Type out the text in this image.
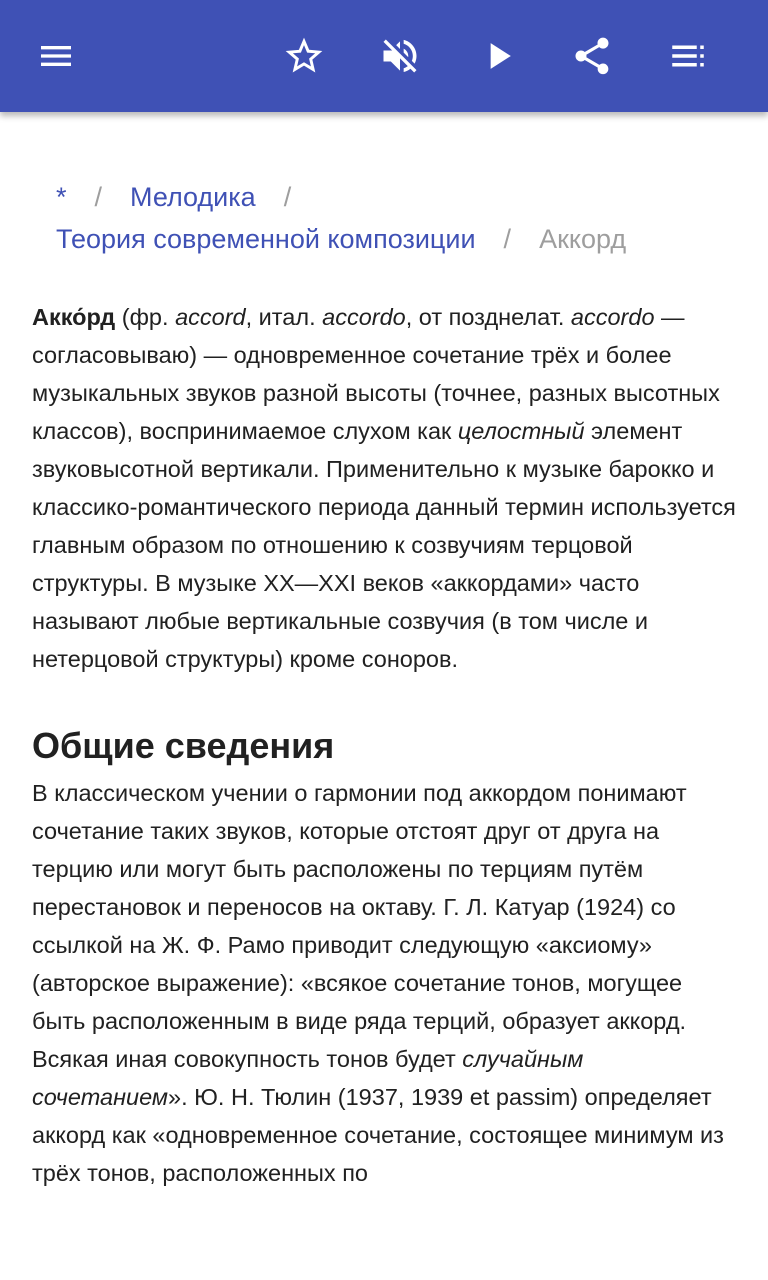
* / Мелодика /
Теория современной композиции / Аккорд

Акко́рд (фр. accord, итал. accordo, от позднелат. accordo — согласовываю) — одновременное сочетание трёх и более музыкальных звуков разной высоты (точнее, разных высотных классов), воспринимаемое слухом как целостный элемент звуковысотной вертикали. Применительно к музыке барокко и классико-романтического периода данный термин используется главным образом по отношению к созвучиям терцовой структуры. В музыке XX—XXI веков «аккордами» часто называют любые вертикальные созвучия (в том числе и нетерцовой структуры) кроме соноров.

Общие сведения

В классическом учении о гармонии под аккордом понимают сочетание таких звуков, которые отстоят друг от друга на терцию или могут быть расположены по терциям путём перестановок и переносов на октаву. Г. Л. Катуар (1924) со ссылкой на Ж. Ф. Рамо приводит следующую «аксиому» (авторское выражение): «всякое сочетание тонов, могущее быть расположенным в виде ряда терций, образует аккорд. Всякая иная совокупность тонов будет случайным сочетанием». Ю. Н. Тюлин (1937, 1939 et passim) определяет аккорд как «одновременное сочетание, состоящее минимум из трёх тонов, расположенных по
